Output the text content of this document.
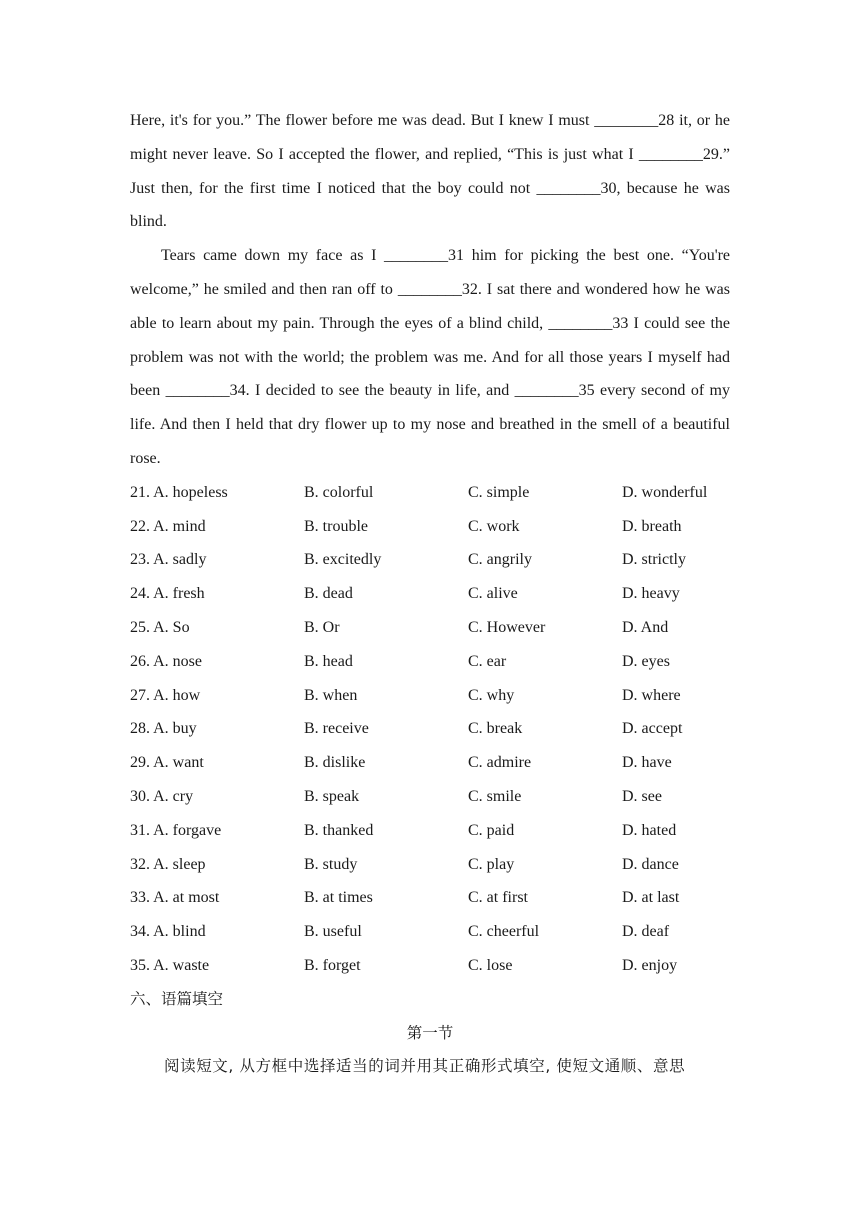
Here, it's for you.” The flower before me was dead. But I knew I must ________28 it, or he might never leave. So I accepted the flower, and replied, “This is just what I ________29.” Just then, for the first time I noticed that the boy could not ________30, because he was blind.

Tears came down my face as I ________31 him for picking the best one. “You're welcome,” he smiled and then ran off to ________32. I sat there and wondered how he was able to learn about my pain. Through the eyes of a blind child, ________33 I could see the problem was not with the world; the problem was me. And for all those years I myself had been ________34. I decided to see the beauty in life, and ________35 every second of my life. And then I held that dry flower up to my nose and breathed in the smell of a beautiful rose.

21. A. hopeless	B. colorful	C. simple	D. wonderful
22. A. mind	B. trouble	C. work	D. breath
23. A. sadly	B. excitedly	C. angrily	D. strictly
24. A. fresh	B. dead	C. alive	D. heavy
25. A. So	B. Or	C. However	D. And
26. A. nose	B. head	C. ear	D. eyes
27. A. how	B. when	C. why	D. where
28. A. buy	B. receive	C. break	D. accept
29. A. want	B. dislike	C. admire	D. have
30. A. cry	B. speak	C. smile	D. see
31. A. forgave	B. thanked	C. paid	D. hated
32. A. sleep	B. study	C. play	D. dance
33. A. at most	B. at times	C. at first	D. at last
34. A. blind	B. useful	C. cheerful	D. deaf
35. A. waste	B. forget	C. lose	D. enjoy
六、语篇填空
第一节
阅读短文, 从方框中选择适当的词并用其正确形式填空, 使短文通顺、意思
